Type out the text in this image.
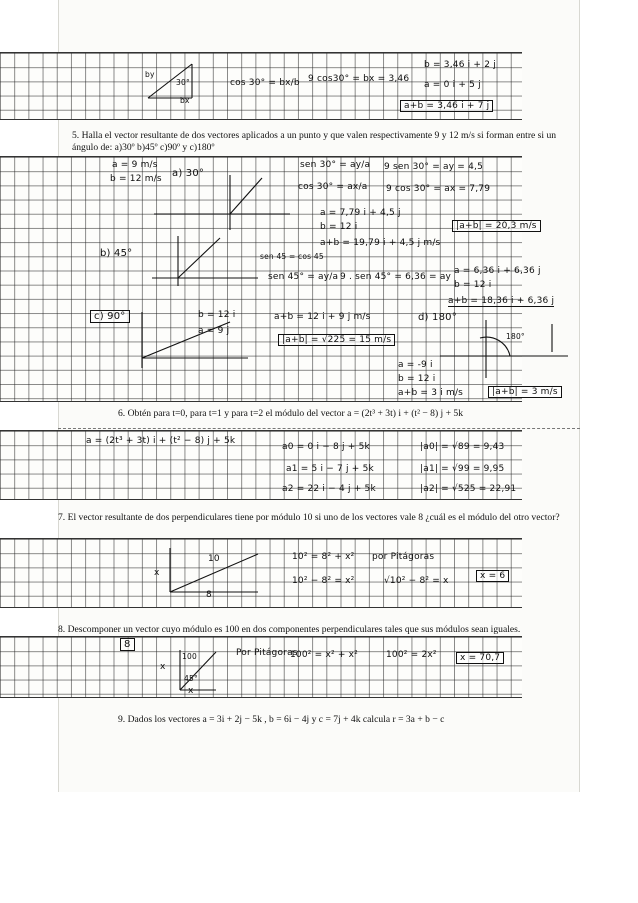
30°
by
bx
cos 30° = bx/b 9 cos30° = bx = 3,46
b = 3,46 i + 2 j
a = 0 i + 5 j
a+b = 3,46 i + 7 j
5. Halla el vector resultante de dos vectores aplicados a un punto y que valen respectivamente 9 y 12 m/s si forman entre si un ángulo de: a)30º b)45º c)90º y c)180º
a = 9 m/s
b = 12 m/s a) 30°
sen 30° = ay/a
cos 30° = ax/a
9 sen 30° = ay = 4,5
9 cos 30° = ax = 7,79
a = 7,79 i + 4,5 j
b = 12 i
a+b = 19,79 i + 4,5 j m/s
|a+b| = 20,3 m/s
b) 45°	sen 45 = cos 45
sen 45° = ay/a 9 . sen 45° = 6,36 = ay
a = 6,36 i + 6,36 j
b = 12 i
a+b = 18,36 i + 6,36 j
c) 90°	b = 12 i
a = 9 j
a+b = 12 i + 9 j m/s
|a+b| = √225 = 15 m/s
d) 180°
180°
a = -9 i
b = 12 i
a+b = 3 i m/s	|a+b| = 3 m/s
6. Obtén para t=0, para t=1 y para t=2 el módulo del vector a = (2t³ + 3t) i + (t² − 8) j + 5k
a = (2t³ + 3t) i + (t² − 8) j + 5k
a0 = 0 i − 8 j + 5k
a1 = 5 i − 7 j + 5k
a2 = 22 i − 4 j + 5k
|a0| = √89 = 9,43
|a1| = √99 = 9,95
|a2| = √525 = 22,91
7. El vector resultante de dos perpendiculares tiene por módulo 10 si uno de los vectores vale 8 ¿cuál es el módulo del otro vector?
10
x
8
10² = 8² + x² por Pitágoras
10² − 8² = x²	√10² − 8² = x	x = 6
8. Descomponer un vector cuyo módulo es 100 en dos componentes perpendiculares tales que sus módulos sean iguales.
8
100
45°
x
x
Por Pitágoras
100² = x² + x²	100² = 2x²	x = 70,7
9. Dados los vectores a = 3i + 2j − 5k , b = 6i − 4j y c = 7j + 4k calcula r = 3a + b − c
